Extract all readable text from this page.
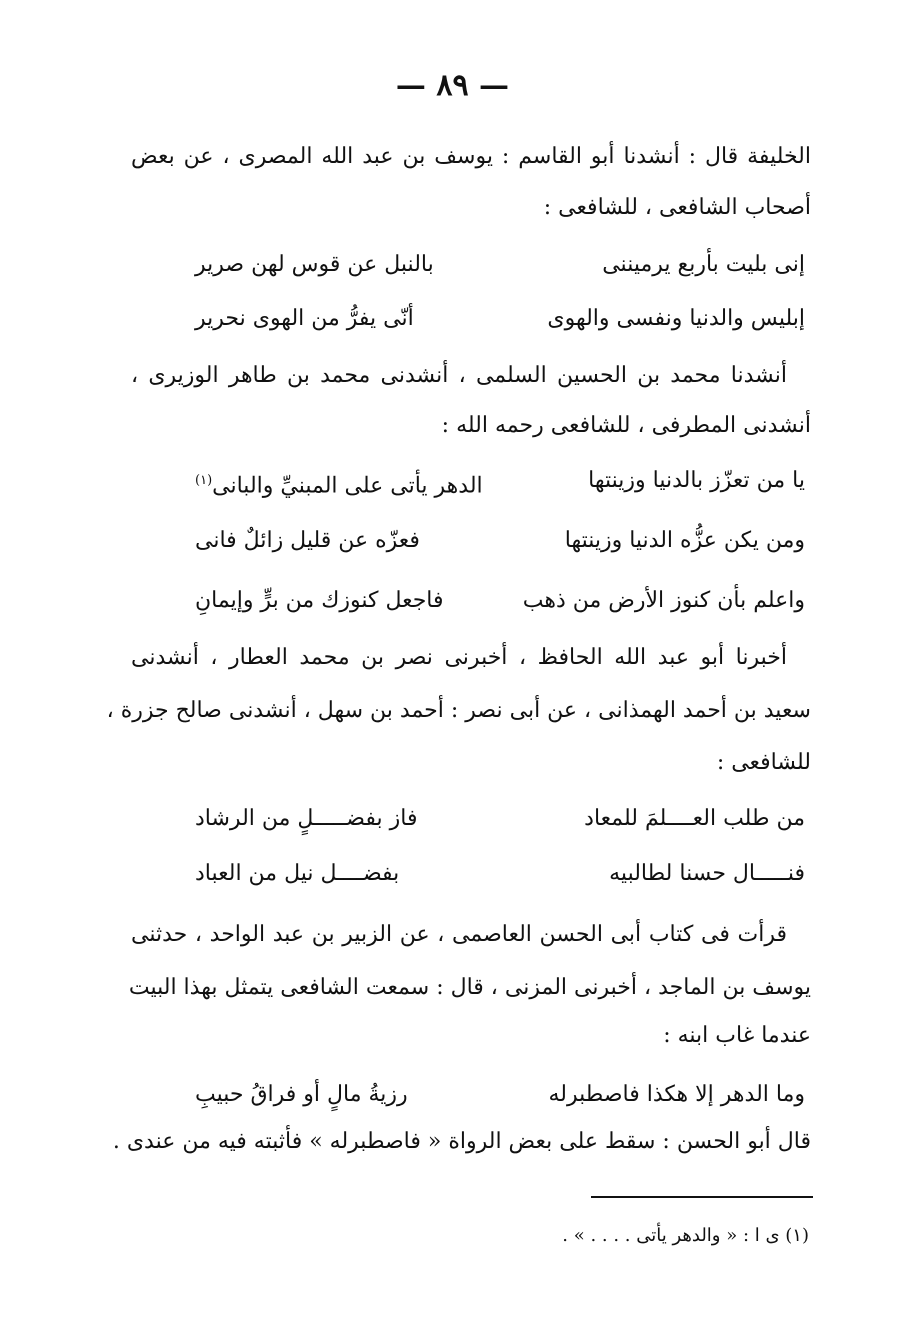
— ٨٩ —
الخليفة قال : أنشدنا أبو القاسم : يوسف بن عبد الله المصرى ، عن بعض
أصحاب الشافعى ، للشافعى :
إنى بليت بأربع يرميننى
بالنبل عن قوس لهن صرير
إبليس والدنيا ونفسى والهوى
أنّى يفرُّ من الهوى نحرير
أنشدنا محمد بن الحسين السلمى ، أنشدنى محمد بن طاهر الوزيرى ،
أنشدنى المطرفى ، للشافعى رحمه الله :
يا من تعزّز بالدنيا وزينتها
الدهر يأتى على المبنيِّ والبانى$^{(١)}$
ومن يكن عزُّه الدنيا وزينتها
فعزّه عن قليل زائلٌ فانى
واعلم بأن كنوز الأرض من ذهب
فاجعل كنوزك من برٍّ وإيمانِ
أخبرنا أبو عبد الله الحافظ ، أخبرنى نصر بن محمد العطار ، أنشدنى
سعيد بن أحمد الهمذانى ، عن أبى نصر : أحمد بن سهل ، أنشدنى صالح جزرة ،
للشافعى :
من طلب العــــلمَ للمعاد
فاز بفضـــــلٍ من الرشاد
فنـــــال حسنا لطالبيه
بفضــــل نيل من العباد
قرأت فى كتاب أبى الحسن العاصمى ، عن الزبير بن عبد الواحد ، حدثنى
يوسف بن الماجد ، أخبرنى المزنى ، قال : سمعت الشافعى يتمثل بهذا البيت
عندما غاب ابنه :
وما الدهر إلا هكذا فاصطبرله
رزيةُ مالٍ أو فراقُ حبيبِ
قال أبو الحسن : سقط على بعض الرواة « فاصطبرله » فأثبته فيه من عندى .
(١) ى ا : « والدهر يأتى . . . . » .
